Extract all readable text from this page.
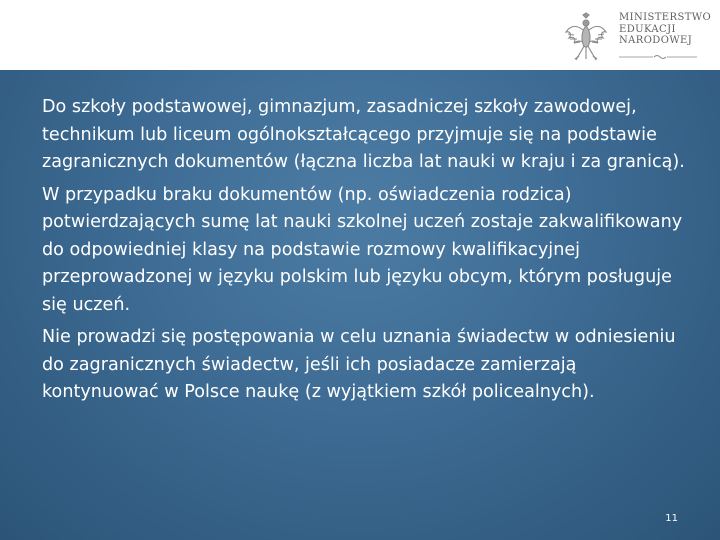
MINISTERSTWO
EDUKACJI
NARODOWEJ

Do szkoły podstawowej, gimnazjum, zasadniczej szkoły zawodowej, technikum lub liceum ogólnokształcącego przyjmuje się na podstawie zagranicznych dokumentów (łączna liczba lat nauki w kraju i za granicą).

W przypadku braku dokumentów (np. oświadczenia rodzica) potwierdzających sumę lat nauki szkolnej uczeń zostaje zakwalifikowany do odpowiedniej klasy na podstawie rozmowy kwalifikacyjnej przeprowadzonej w języku polskim lub języku obcym, którym posługuje się uczeń.

Nie prowadzi się postępowania w celu uznania świadectw w odniesieniu do zagranicznych świadectw, jeśli ich posiadacze zamierzają kontynuować w Polsce naukę (z wyjątkiem szkół policealnych).

11
